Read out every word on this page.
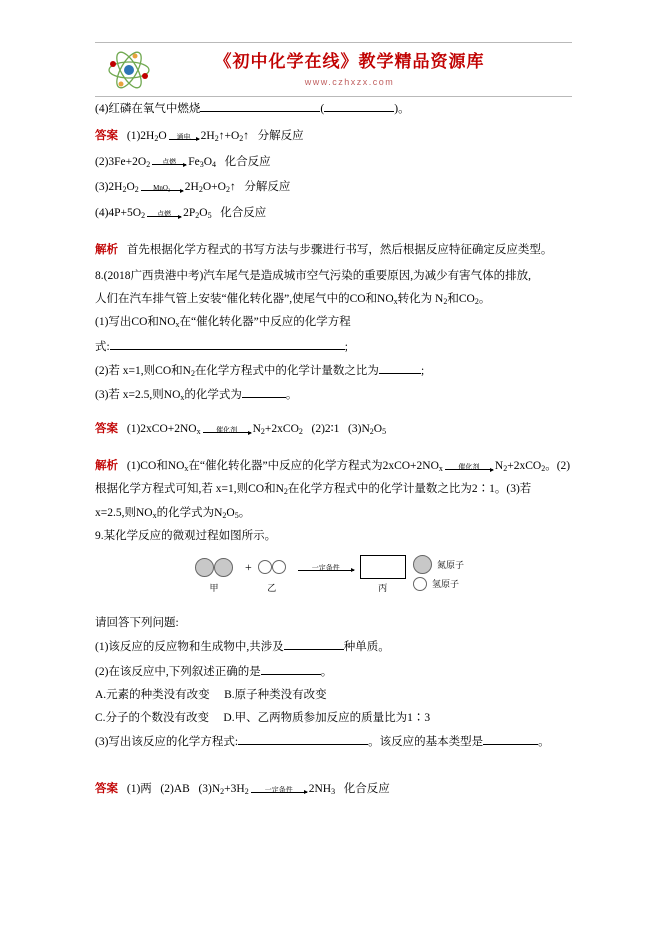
《初中化学在线》教学精品资源库
www.czhxzx.com

(4)红磷在氧气中燃烧	(	)。

答案 $(1)2H_2O$	通电 $2H_2↑+O_2↑$ 分解反应

$(2)3Fe+2O_2$	点燃	$Fe_3O_4$ 化合反应

$(3)2H_2O_2$	MnO₂	$2H_2O+O_2↑$ 分解反应

$(4)4P+5O_2$	点燃	$2P_2O_5$ 化合反应

解析 首先根据化学方程式的书写方法与步骤进行书写，然后根据反应特征确定反应类型。

8.(2018广西贵港中考)汽车尾气是造成城市空气污染的重要原因,为减少有害气体的排放,

人们在汽车排气管上安装“催化转化器”,使尾气中的CO和$NO_x$转化为 $N_2$和$CO_2$。

(1)写出CO和$NO_x$在“催化转化器”中反应的化学方程

式:	;

(2)若 x=1,则CO和$N_2$在化学方程式中的化学计量数之比为	;

(3)若 x=2.5,则$NO_x$的化学式为	。

答案 $(1)2xCO+2NO_x$	催化剂	$N_2+2xCO_2$ (2)2∶1 $(3)N_2O_5$

解析 (1)CO和$NO_x$在“催化转化器”中反应的化学方程式为$2xCO+2NO_x$	催化剂	$N_2+2xCO_2$。(2)

根据化学方程式可知,若 x=1,则CO和$N_2$在化学方程式中的化学计量数之比为2∶1。(3)若

x=2.5,则$NO_x$的化学式为$N_2O_5$。

9.某化学反应的微观过程如图所示。

甲
+
乙
一定条件
丙
氮原子
氢原子

请回答下列问题:

(1)该反应的反应物和生成物中,共涉及	种单质。

(2)在该反应中,下列叙述正确的是	。

A.元素的种类没有改变 B.原子种类没有改变

C.分子的个数没有改变 D.甲、乙两物质参加反应的质量比为1∶3

(3)写出该反应的化学方程式:	。该反应的基本类型是	。

答案 (1)两 (2)AB $(3)N_2+3H_2$	一定条件	$2NH_3$ 化合反应
